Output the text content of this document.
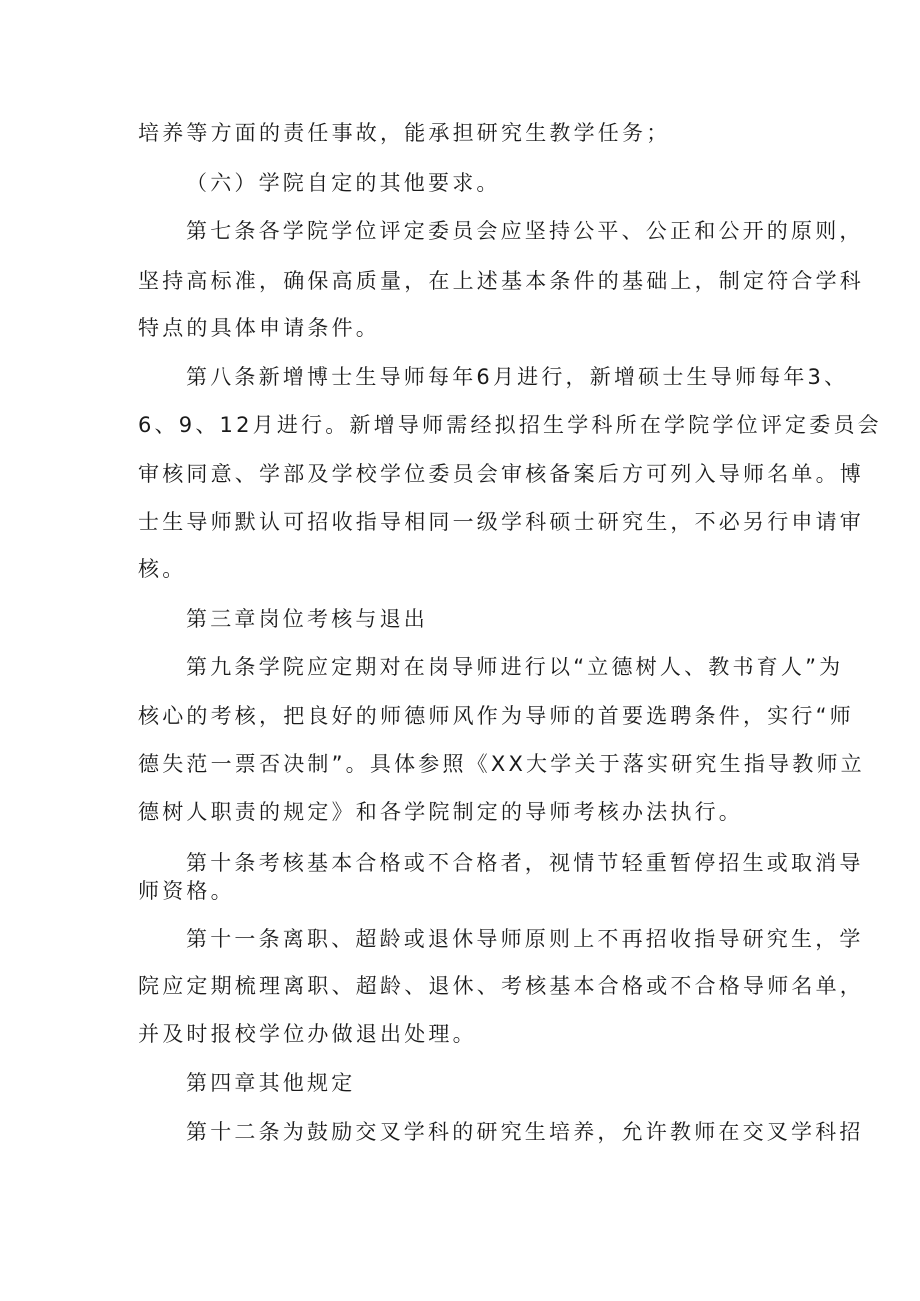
培养等方面的责任事故，能承担研究生教学任务；
（六）学院自定的其他要求。
第七条各学院学位评定委员会应坚持公平、公正和公开的原则，
坚持高标准，确保高质量，在上述基本条件的基础上，制定符合学科
特点的具体申请条件。
第八条新增博士生导师每年6月进行，新增硕士生导师每年3、
6、9、12月进行。新增导师需经拟招生学科所在学院学位评定委员会
审核同意、学部及学校学位委员会审核备案后方可列入导师名单。博
士生导师默认可招收指导相同一级学科硕士研究生，不必另行申请审
核。
第三章岗位考核与退出
第九条学院应定期对在岗导师进行以“立德树人、教书育人”为
核心的考核，把良好的师德师风作为导师的首要选聘条件，实行“师
德失范一票否决制”。具体参照《XX大学关于落实研究生指导教师立
德树人职责的规定》和各学院制定的导师考核办法执行。
第十条考核基本合格或不合格者，视情节轻重暂停招生或取消导
师资格。
第十一条离职、超龄或退休导师原则上不再招收指导研究生，学
院应定期梳理离职、超龄、退休、考核基本合格或不合格导师名单，
并及时报校学位办做退出处理。
第四章其他规定
第十二条为鼓励交叉学科的研究生培养，允许教师在交叉学科招
